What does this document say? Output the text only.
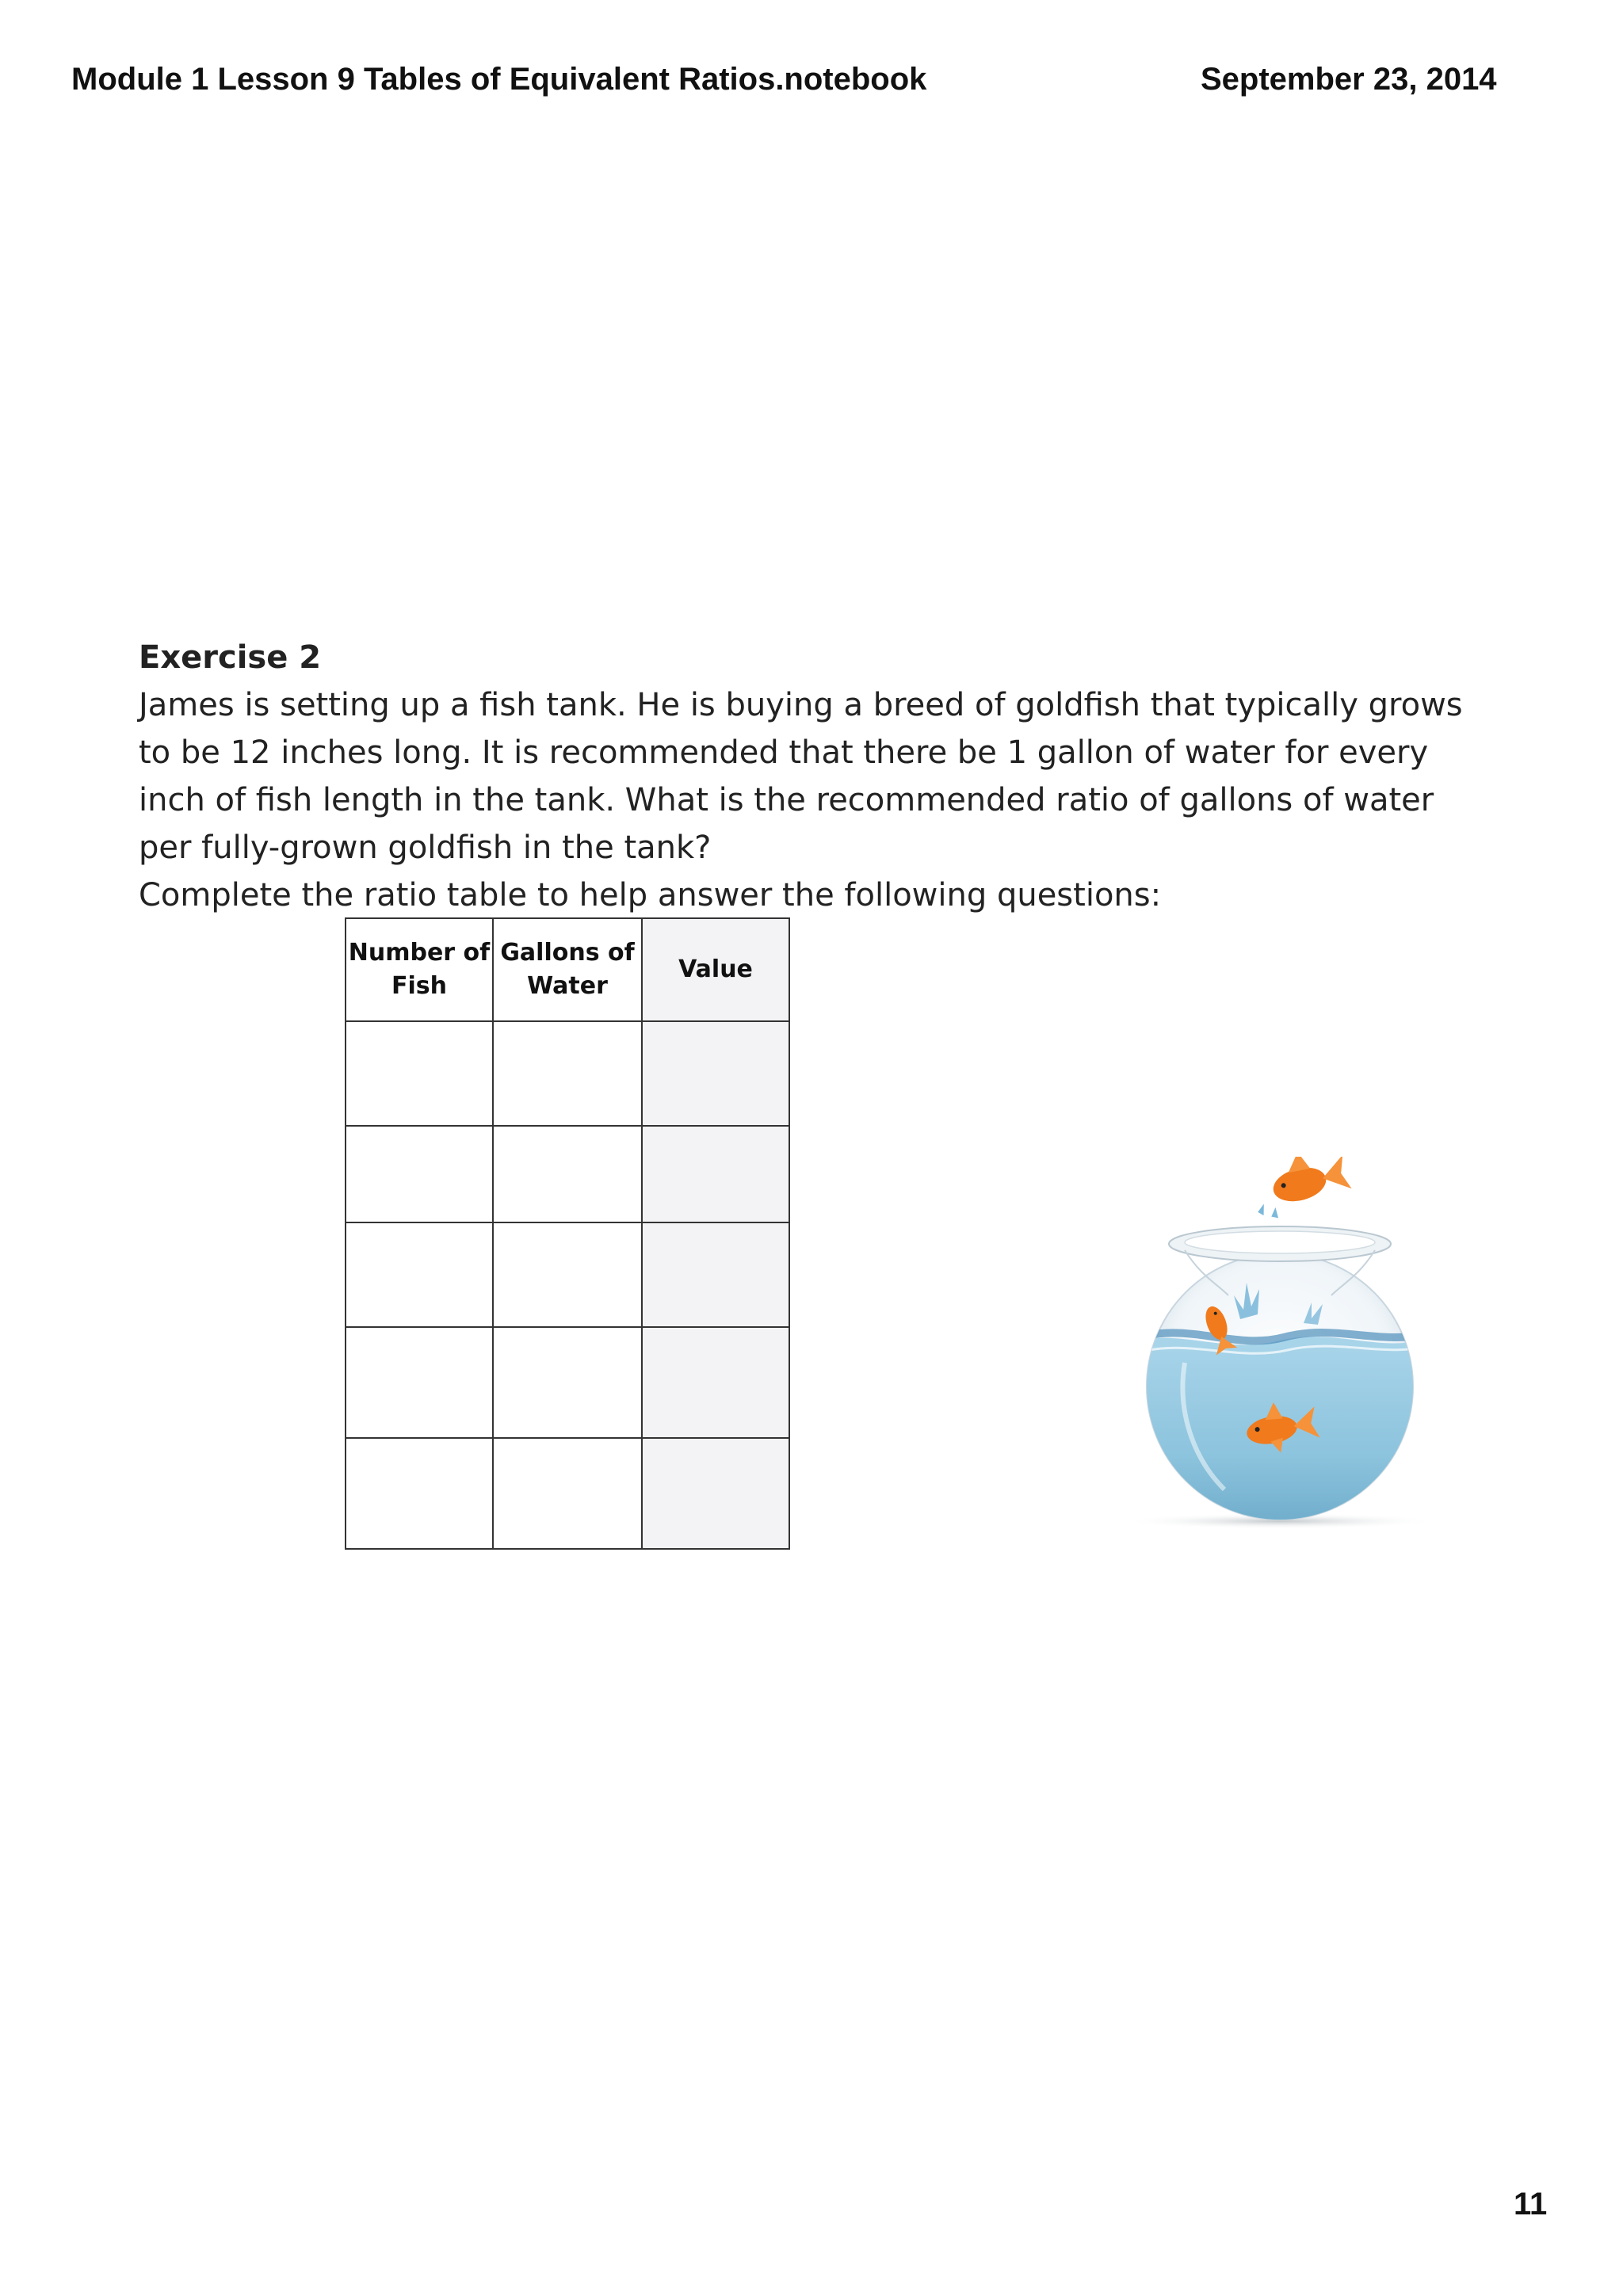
Module 1 Lesson 9 Tables of Equivalent Ratios.notebook	September 23, 2014
Exercise 2
James is setting up a fish tank. He is buying a breed of goldfish that typically grows to be 12 inches long. It is recommended that there be 1 gallon of water for every inch of fish length in the tank. What is the recommended ratio of gallons of water per fully-grown goldfish in the tank?
Complete the ratio table to help answer the following questions:
Number of Fish	Gallons of Water	Value

11
